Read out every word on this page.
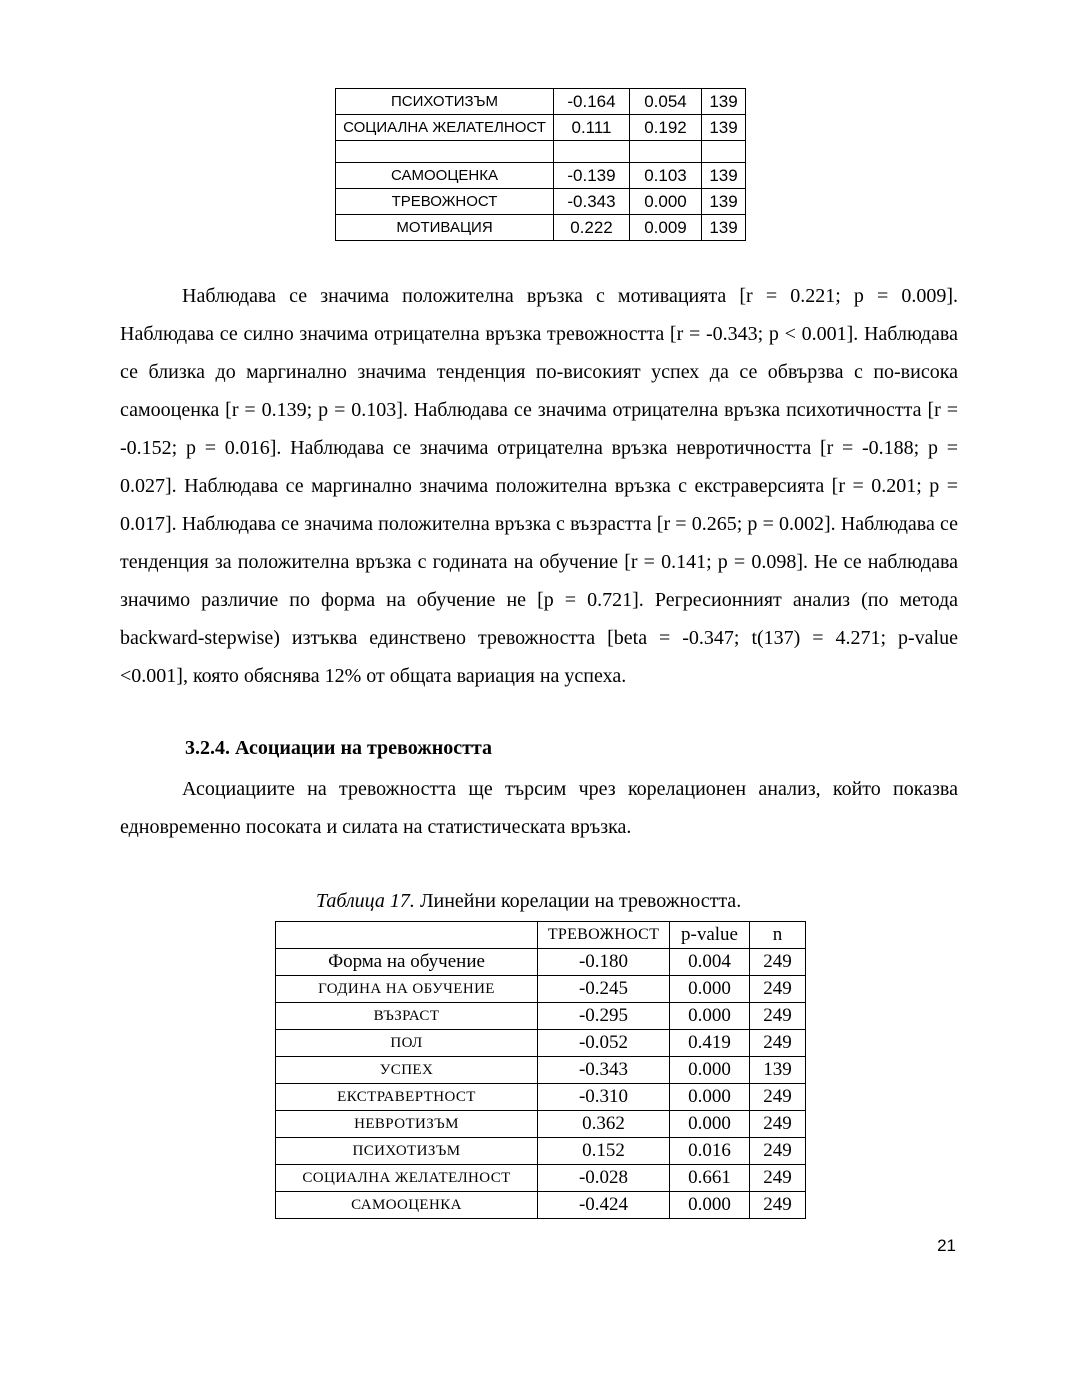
ПСИХОТИЗЪМ	-0.164	0.054	139
СОЦИАЛНА ЖЕЛАТЕЛНОСТ	0.111	0.192	139

САМООЦЕНКА	-0.139	0.103	139
ТРЕВОЖНОСТ	-0.343	0.000	139
МОТИВАЦИЯ	0.222	0.009	139

Наблюдава се значима положителна връзка с мотивацията [r = 0.221; p = 0.009]. Наблюдава се силно значима отрицателна връзка тревожността [r = -0.343; p < 0.001]. Наблюдава се близка до маргинално значима тенденция по-високият успех да се обвързва с по-висока самооценка [r = 0.139; p = 0.103]. Наблюдава се значима отрицателна връзка психотичността [r = -0.152; p = 0.016]. Наблюдава се значима отрицателна връзка невротичността [r = -0.188; p = 0.027]. Наблюдава се маргинално значима положителна връзка с екстраверсията [r = 0.201; p = 0.017]. Наблюдава се значима положителна връзка с възрастта [r = 0.265; p = 0.002]. Наблюдава се тенденция за положителна връзка с годината на обучение [r = 0.141; p = 0.098]. Не се наблюдава значимо различие по форма на обучение не [p = 0.721]. Регресионният анализ (по метода backward-stepwise) изтъква единствено тревожността [beta = -0.347; t(137) = 4.271; p-value <0.001], която обяснява 12% от общата вариация на успеха.

3.2.4. Асоциации на тревожността

Асоциациите на тревожността ще търсим чрез корелационен анализ, който показва едновременно посоката и силата на статистическата връзка.

Таблица 17. Линейни корелации на тревожността.

	ТРЕВОЖНОСТ	p-value	n
Форма на обучение	-0.180	0.004	249
ГОДИНА НА ОБУЧЕНИЕ	-0.245	0.000	249
ВЪЗРАСТ	-0.295	0.000	249
ПОЛ	-0.052	0.419	249
УСПЕХ	-0.343	0.000	139
ЕКСТРАВЕРТНОСТ	-0.310	0.000	249
НЕВРОТИЗЪМ	0.362	0.000	249
ПСИХОТИЗЪМ	0.152	0.016	249
СОЦИАЛНА ЖЕЛАТЕЛНОСТ	-0.028	0.661	249
САМООЦЕНКА	-0.424	0.000	249
21
